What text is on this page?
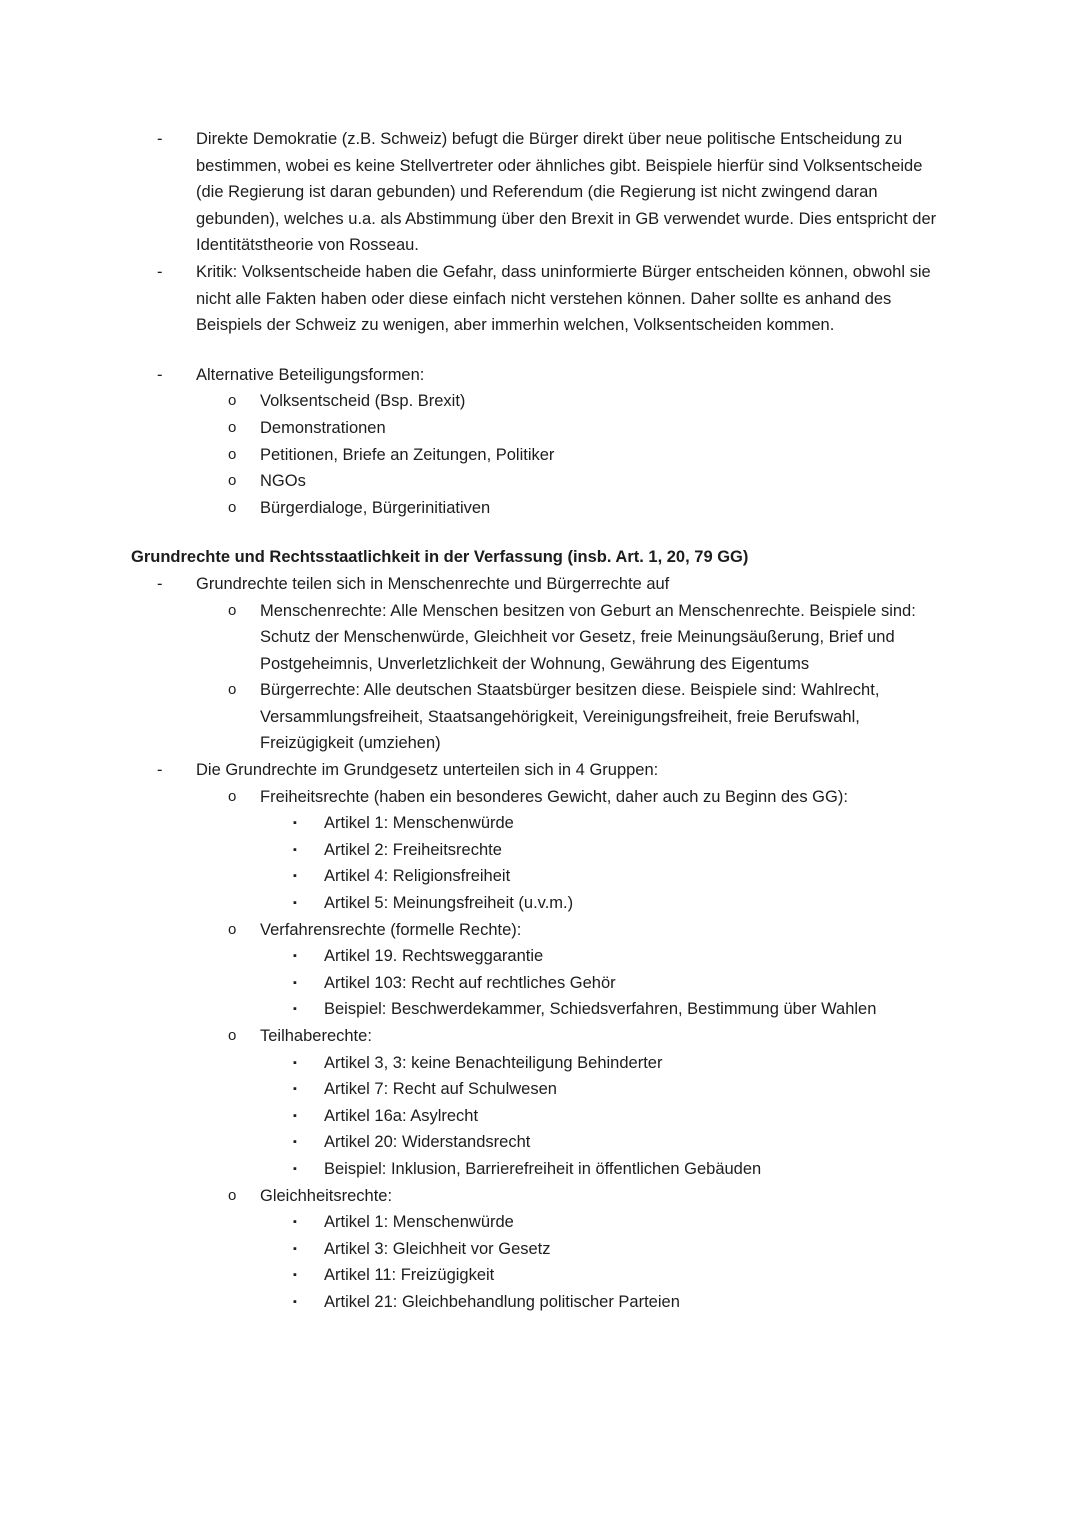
- Direkte Demokratie (z.B. Schweiz) befugt die Bürger direkt über neue politische Entscheidung zu bestimmen, wobei es keine Stellvertreter oder ähnliches gibt. Beispiele hierfür sind Volksentscheide (die Regierung ist daran gebunden) und Referendum (die Regierung ist nicht zwingend daran gebunden), welches u.a. als Abstimmung über den Brexit in GB verwendet wurde. Dies entspricht der Identitätstheorie von Rosseau.
- Kritik: Volksentscheide haben die Gefahr, dass uninformierte Bürger entscheiden können, obwohl sie nicht alle Fakten haben oder diese einfach nicht verstehen können. Daher sollte es anhand des Beispiels der Schweiz zu wenigen, aber immerhin welchen, Volksentscheiden kommen.
- Alternative Beteiligungsformen:
o Volksentscheid (Bsp. Brexit)
o Demonstrationen
o Petitionen, Briefe an Zeitungen, Politiker
o NGOs
o Bürgerdialoge, Bürgerinitiativen
Grundrechte und Rechtsstaatlichkeit in der Verfassung (insb. Art. 1, 20, 79 GG)
- Grundrechte teilen sich in Menschenrechte und Bürgerrechte auf
o Menschenrechte: Alle Menschen besitzen von Geburt an Menschenrechte. Beispiele sind: Schutz der Menschenwürde, Gleichheit vor Gesetz, freie Meinungsäußerung, Brief und Postgeheimnis, Unverletzlichkeit der Wohnung, Gewährung des Eigentums
o Bürgerrechte: Alle deutschen Staatsbürger besitzen diese. Beispiele sind: Wahlrecht, Versammlungsfreiheit, Staatsangehörigkeit, Vereinigungsfreiheit, freie Berufswahl, Freizügigkeit (umziehen)
- Die Grundrechte im Grundgesetz unterteilen sich in 4 Gruppen:
o Freiheitsrechte (haben ein besonderes Gewicht, daher auch zu Beginn des GG):
▪ Artikel 1: Menschenwürde
▪ Artikel 2: Freiheitsrechte
▪ Artikel 4: Religionsfreiheit
▪ Artikel 5: Meinungsfreiheit (u.v.m.)
o Verfahrensrechte (formelle Rechte):
▪ Artikel 19. Rechtsweggarantie
▪ Artikel 103: Recht auf rechtliches Gehör
▪ Beispiel: Beschwerdekammer, Schiedsverfahren, Bestimmung über Wahlen
o Teilhaberechte:
▪ Artikel 3, 3: keine Benachteiligung Behinderter
▪ Artikel 7: Recht auf Schulwesen
▪ Artikel 16a: Asylrecht
▪ Artikel 20: Widerstandsrecht
▪ Beispiel: Inklusion, Barrierefreiheit in öffentlichen Gebäuden
o Gleichheitsrechte:
▪ Artikel 1: Menschenwürde
▪ Artikel 3: Gleichheit vor Gesetz
▪ Artikel 11: Freizügigkeit
▪ Artikel 21: Gleichbehandlung politischer Parteien
